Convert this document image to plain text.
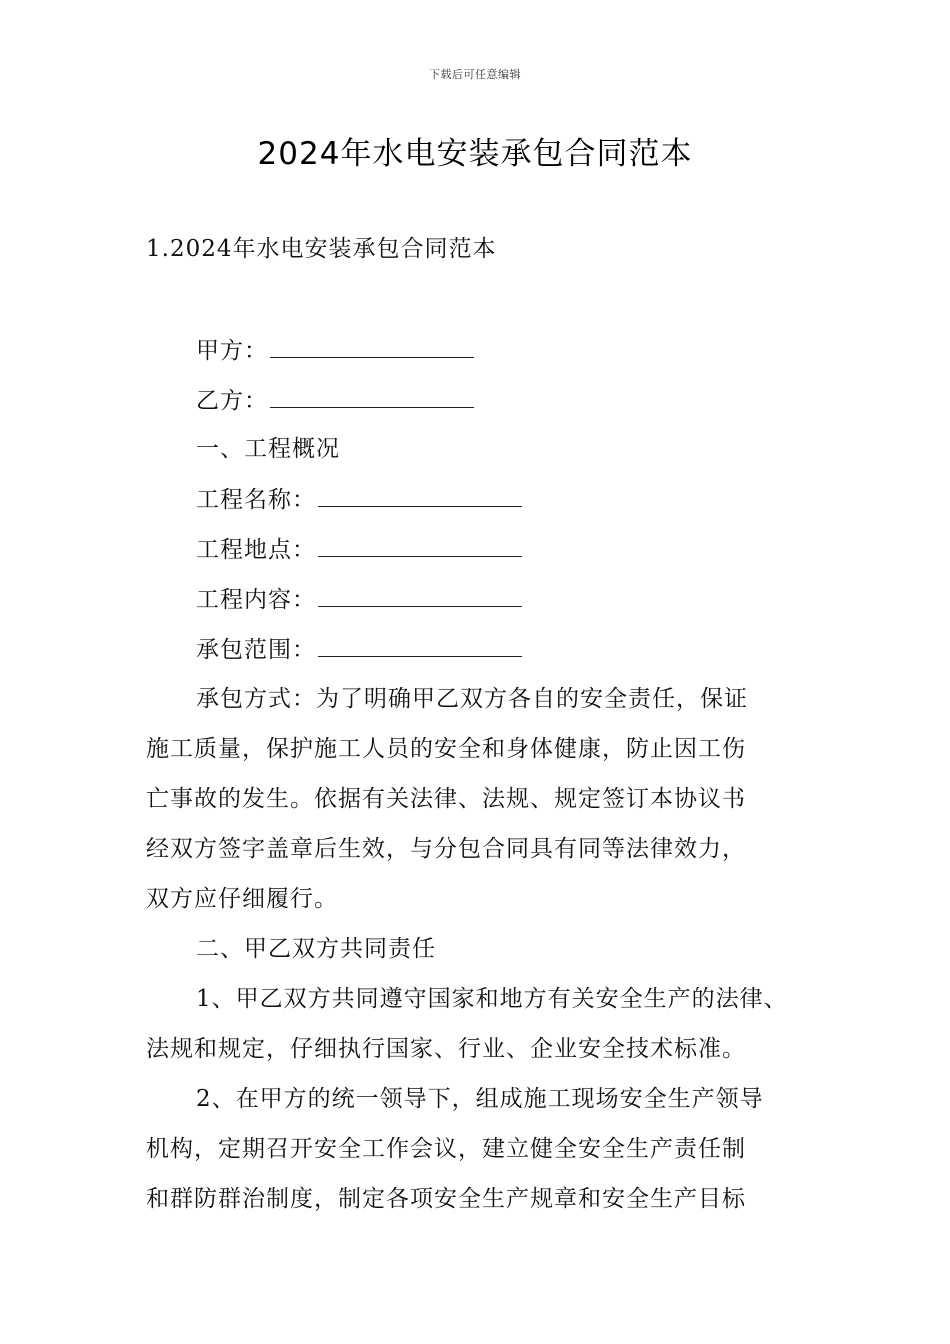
下载后可任意编辑
2024年水电安装承包合同范本
1.2024年水电安装承包合同范本
甲方：
乙方：
一、工程概况
工程名称：
工程地点：
工程内容：
承包范围：
承包方式：为了明确甲乙双方各自的安全责任，保证
施工质量，保护施工人员的安全和身体健康，防止因工伤
亡事故的发生。依据有关法律、法规、规定签订本协议书
经双方签字盖章后生效，与分包合同具有同等法律效力，
双方应仔细履行。
二、甲乙双方共同责任
1、甲乙双方共同遵守国家和地方有关安全生产的法律、
法规和规定，仔细执行国家、行业、企业安全技术标准。
2、在甲方的统一领导下，组成施工现场安全生产领导
机构，定期召开安全工作会议，建立健全安全生产责任制
和群防群治制度，制定各项安全生产规章和安全生产目标
